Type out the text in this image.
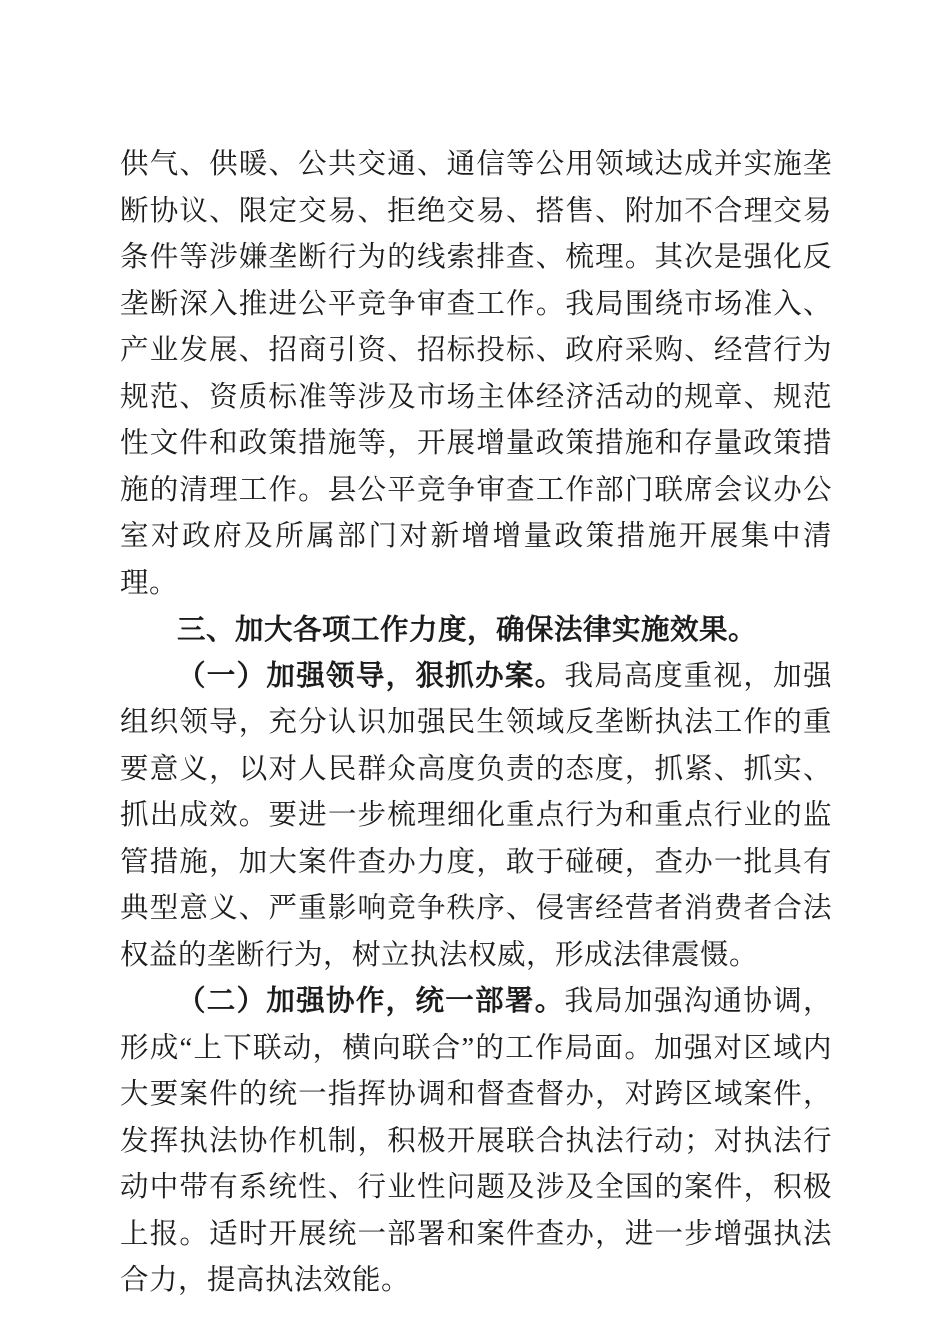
供气、供暖、公共交通、通信等公用领域达成并实施垄断协议、限定交易、拒绝交易、搭售、附加不合理交易条件等涉嫌垄断行为的线索排查、梳理。其次是强化反垄断深入推进公平竞争审查工作。我局围绕市场准入、产业发展、招商引资、招标投标、政府采购、经营行为规范、资质标准等涉及市场主体经济活动的规章、规范性文件和政策措施等，开展增量政策措施和存量政策措施的清理工作。县公平竞争审查工作部门联席会议办公室对政府及所属部门对新增增量政策措施开展集中清理。

三、加大各项工作力度，确保法律实施效果。

（一）加强领导，狠抓办案。我局高度重视，加强组织领导，充分认识加强民生领域反垄断执法工作的重要意义，以对人民群众高度负责的态度，抓紧、抓实、抓出成效。要进一步梳理细化重点行为和重点行业的监管措施，加大案件查办力度，敢于碰硬，查办一批具有典型意义、严重影响竞争秩序、侵害经营者消费者合法权益的垄断行为，树立执法权威，形成法律震慑。

（二）加强协作，统一部署。我局加强沟通协调，形成“上下联动，横向联合”的工作局面。加强对区域内大要案件的统一指挥协调和督查督办，对跨区域案件，发挥执法协作机制，积极开展联合执法行动；对执法行动中带有系统性、行业性问题及涉及全国的案件，积极上报。适时开展统一部署和案件查办，进一步增强执法合力，提高执法效能。
